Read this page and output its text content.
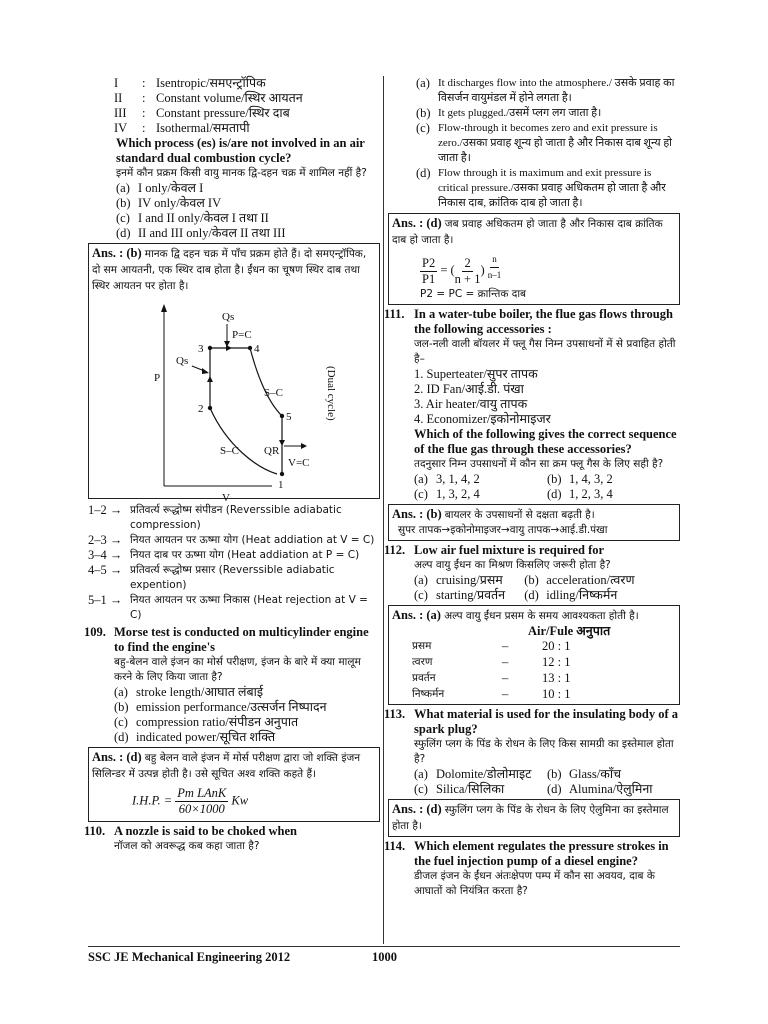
I	: Isentropic/समएन्ट्रॉपिक
II	: Constant volume/स्थिर आयतन
III	: Constant pressure/स्थिर दाब
IV	: Isothermal/समतापी
Which process (es) is/are not involved in an air standard dual combustion cycle?
इनमें कौन प्रक्रम किसी वायु मानक द्वि-दहन चक्र में शामिल नहीं है?
(a) I only/केवल I
(b) IV only/केवल IV
(c) I and II only/केवल I तथा II
(d) II and III only/केवल II तथा III
Ans. : (b) मानक द्वि दहन चक्र में पाँच प्रक्रम होते हैं। दो समएन्ट्रॉपिक, दो सम आयतनी, एक स्थिर दाब होता है। ईंधन का चूषण स्थिर दाब तथा स्थिर आयतन पर होता है।
P
V
Qs
P=C
Qs
S–C
S–C QR
V=C
3	4
2
5
1
(Dual cycle)
1–2 → प्रतिवर्त्य रूद्धोष्म संपीडन (Reverssible adiabatic compression)
2–3 → नियत आयतन पर ऊष्मा योग (Heat addiation at V = C)
3–4 → नियत दाब पर ऊष्मा योग (Heat addiation at P = C)
4–5 → प्रतिवर्त्य रूद्धोष्म प्रसार (Reverssible adiabatic expention)
5–1 → नियत आयतन पर ऊष्मा निकास (Heat rejection at V = C)
109. Morse test is conducted on multicylinder engine to find the engine's
बहु-बेलन वाले इंजन का मोर्स परीक्षण, इंजन के बारे में क्या मालूम करने के लिए किया जाता है?
(a) stroke length/आघात लंबाई
(b) emission performance/उत्सर्जन निष्पादन
(c) compression ratio/संपीडन अनुपात
(d) indicated power/सूचित शक्ति
Ans. : (d) बहु बेलन वाले इंजन में मोर्स परीक्षण द्वारा जो शक्ति इंजन सिलिन्डर में उत्पन्न होती है। उसे सूचित अश्व शक्ति कहते हैं।
I.H.P. = $\frac{\text{Pm LAnK}}{60\times 1000}$ Kw
110. A nozzle is said to be choked when
नॉजल को अवरूद्ध कब कहा जाता है?
(a) It discharges flow into the atmosphere./ उसके प्रवाह का विसर्जन वायुमंडल में होने लगता है।
(b) It gets plugged./उसमें प्लग लग जाता है।
(c) Flow-through it becomes zero and exit pressure is zero./उसका प्रवाह शून्य हो जाता है और निकास दाब शून्य हो जाता है।
(d) Flow through it is maximum and exit pressure is critical pressure./उसका प्रवाह अधिकतम हो जाता है और निकास दाब, क्रांतिक दाब हो जाता है।
Ans. : (d) जब प्रवाह अधिकतम हो जाता है और निकास दाब क्रांतिक दाब हो जाता है।
$\frac{P2}{P1}$ = ( $\frac{2}{n + 1}$ ) $\frac{n}{n-1}$
P2 = PC = क्रान्तिक दाब
111. In a water-tube boiler, the flue gas flows through the following accessories :
जल-नली वाली बॉयलर में फ्लू गैस निम्न उपसाधनों में से प्रवाहित होती है–
1. Superteater/सुपर तापक
2. ID Fan/आई.डी. पंखा
3. Air heater/वायु तापक
4. Economizer/इकोनोमाइजर
Which of the following gives the correct sequence of the flue gas through these accessories?
तदनुसार निम्न उपसाधनों में कौन सा क्रम फ्लू गैस के लिए सही है?
(a) 3, 1, 4, 2	(b) 1, 4, 3, 2
(c) 1, 3, 2, 4	(d) 1, 2, 3, 4
Ans. : (b) बायलर के उपसाधनों से दक्षता बढ़ती है।
सुपर तापक→इकोनोमाइजर→वायु तापक→आई.डी.पंखा
112. Low air fuel mixture is required for
अल्प वायु ईंधन का मिश्रण किसलिए जरूरी होता है?
(a) cruising/प्रसम (b) acceleration/त्वरण
(c) starting/प्रवर्तन (d) idling/निष्कर्मन
Ans. : (a) अल्प वायु ईंधन प्रसम के समय आवश्यकता होती है।
Air/Fule अनुपात
प्रसम	–	20 : 1
त्वरण	–	12 : 1
प्रवर्तन	–	13 : 1
निष्कर्मन	–	10 : 1
113. What material is used for the insulating body of a spark plug?
स्फुलिंग प्लग के पिंड के रोधन के लिए किस सामग्री का इस्तेमाल होता है?
(a) Dolomite/डोलोमाइट (b) Glass/काँच
(c) Silica/सिलिका	(d) Alumina/ऐलुमिना
Ans. : (d) स्फुलिंग प्लग के पिंड के रोधन के लिए ऐलुमिना का इस्तेमाल होता है।
114. Which element regulates the pressure strokes in the fuel injection pump of a diesel engine?
डीजल इंजन के ईंधन अंतःक्षेपण पम्प में कौन सा अवयव, दाब के आघातों को नियंत्रित करता है?
SSC JE Mechanical Engineering 2012	1000
